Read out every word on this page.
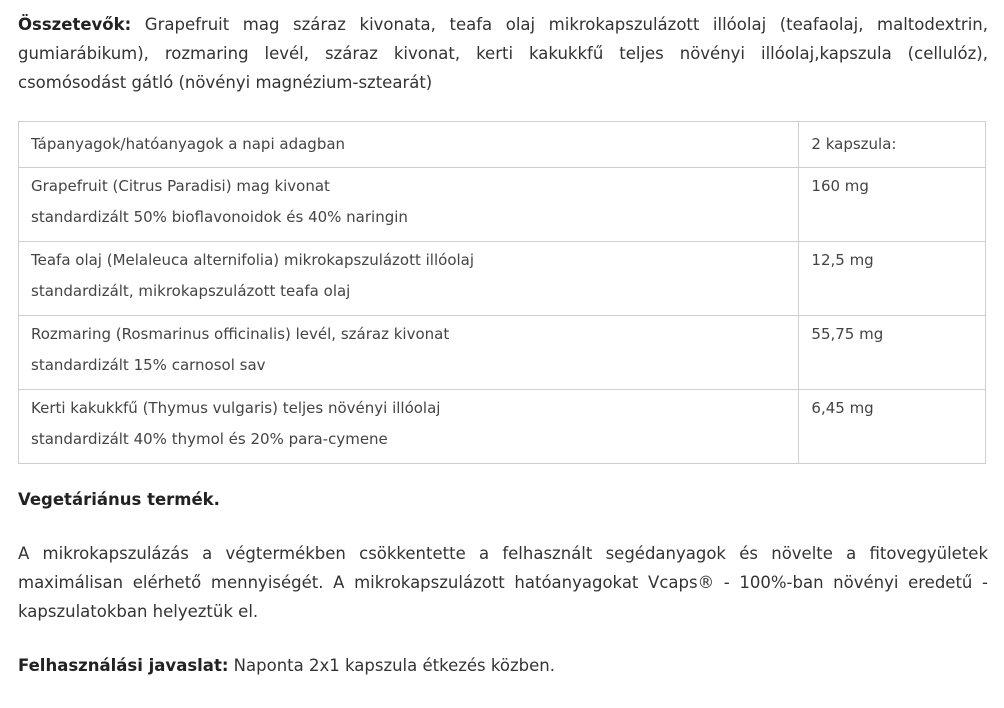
Összetevők: Grapefruit mag száraz kivonata, teafa olaj mikrokapszulázott illóolaj (teafaolaj, maltodextrin, gumiarábikum), rozmaring levél, száraz kivonat, kerti kakukkfű teljes növényi illóolaj,kapszula (cellulóz), csomósodást gátló (növényi magnézium-sztearát)

Tápanyagok/hatóanyagok a napi adagban	2 kapszula:

Grapefruit (Citrus Paradisi) mag kivonat
standardizált 50% bioflavonoidok és 40% naringin	160 mg

Teafa olaj (Melaleuca alternifolia) mikrokapszulázott illóolaj
standardizált, mikrokapszulázott teafa olaj	12,5 mg

Rozmaring (Rosmarinus officinalis) levél, száraz kivonat
standardizált 15% carnosol sav	55,75 mg

Kerti kakukkfű (Thymus vulgaris) teljes növényi illóolaj
standardizált 40% thymol és 20% para-cymene	6,45 mg

Vegetáriánus termék.

A mikrokapszulázás a végtermékben csökkentette a felhasznált segédanyagok és növelte a fitovegyületek maximálisan elérhető mennyiségét. A mikrokapszulázott hatóanyagokat Vcaps® - 100%-ban növényi eredetű - kapszulatokban helyeztük el.

Felhasználási javaslat: Naponta 2x1 kapszula étkezés közben.
